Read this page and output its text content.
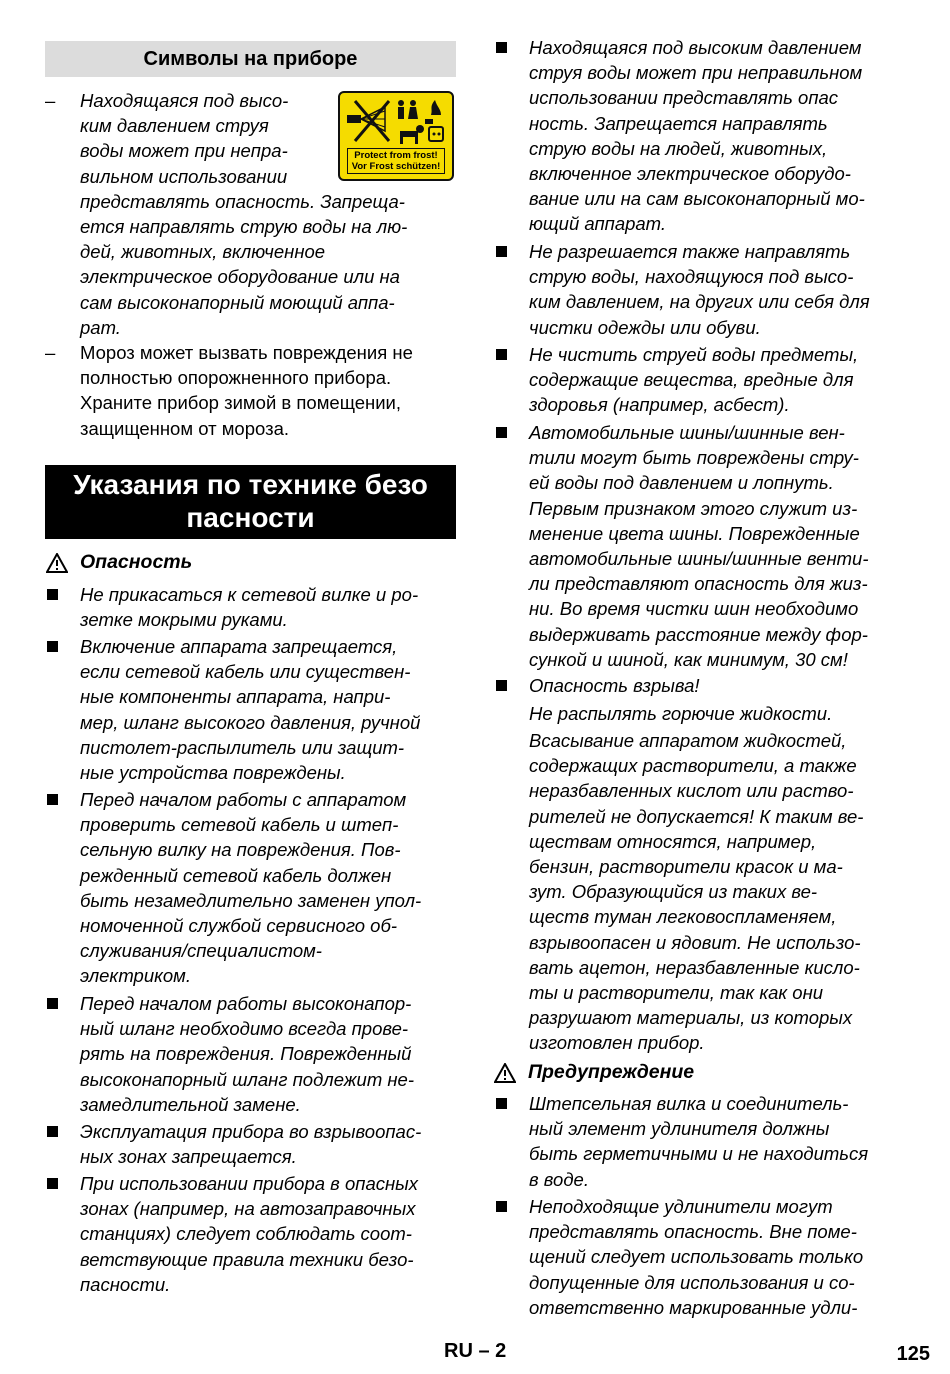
Символы на приборе
Protect from frost!
Vor Frost schützen!
– Находящаяся под высо-
ким давлением струя
воды может при непра-
вильном использовании
представлять опасность. Запреща-
ется направлять струю воды на лю-
дей, животных, включенное
электрическое оборудование или на
сам высоконапорный моющий аппа-
рат.
– Мороз может вызвать повреждения не
полностью опорожненного прибора.
Храните прибор зимой в помещении,
защищенном от мороза.
Указания по технике безо
пасности
Опасность
Не прикасаться к сетевой вилке и ро-
зетке мокрыми руками.
Включение аппарата запрещается,
если сетевой кабель или существен-
ные компоненты аппарата, напри-
мер, шланг высокого давления, ручной
пистолет-распылитель или защит-
ные устройства повреждены.
Перед началом работы с аппаратом
проверить сетевой кабель и штеп-
сельную вилку на повреждения. Пов-
режденный сетевой кабель должен
быть незамедлительно заменен упол-
номоченной службой сервисного об-
служивания/специалистом-
электриком.
Перед началом работы высоконапор-
ный шланг необходимо всегда прове-
рять на повреждения. Поврежденный
высоконапорный шланг подлежит не-
замедлительной замене.
Эксплуатация прибора во взрывоопас-
ных зонах запрещается.
При использовании прибора в опасных
зонах (например, на автозаправочных
станциях) следует соблюдать соот-
ветствующие правила техники безо-
пасности.
Находящаяся под высоким давлением
струя воды может при неправильном
использовании представлять опас
ность. Запрещается направлять
струю воды на людей, животных,
включенное электрическое оборудо-
вание или на сам высоконапорный мо-
ющий аппарат.
Не разрешается также направлять
струю воды, находящуюся под высо-
ким давлением, на других или себя для
чистки одежды или обуви.
Не чистить струей воды предметы,
содержащие вещества, вредные для
здоровья (например, асбест).
Автомобильные шины/шинные вен-
тили могут быть повреждены стру-
ей воды под давлением и лопнуть.
Первым признаком этого служит из-
менение цвета шины. Поврежденные
автомобильные шины/шинные венти-
ли представляют опасность для жиз-
ни. Во время чистки шин необходимо
выдерживать расстояние между фор-
сункой и шиной, как минимум, 30 см!
Опасность взрыва!
Не распылять горючие жидкости.
Всасывание аппаратом жидкостей,
содержащих растворители, а также
неразбавленных кислот или раство-
рителей не допускается! К таким ве-
ществам относятся, например,
бензин, растворители красок и ма-
зут. Образующийся из таких ве-
ществ туман легковоспламеняем,
взрывоопасен и ядовит. Не использо-
вать ацетон, неразбавленные кисло-
ты и растворители, так как они
разрушают материалы, из которых
изготовлен прибор.
Предупреждение
Штепсельная вилка и соединитель-
ный элемент удлинителя должны
быть герметичными и не находиться
в воде.
Неподходящие удлинители могут
представлять опасность. Вне поме-
щений следует использовать только
допущенные для использования и со-
ответственно маркированные удли-
RU – 2	125
